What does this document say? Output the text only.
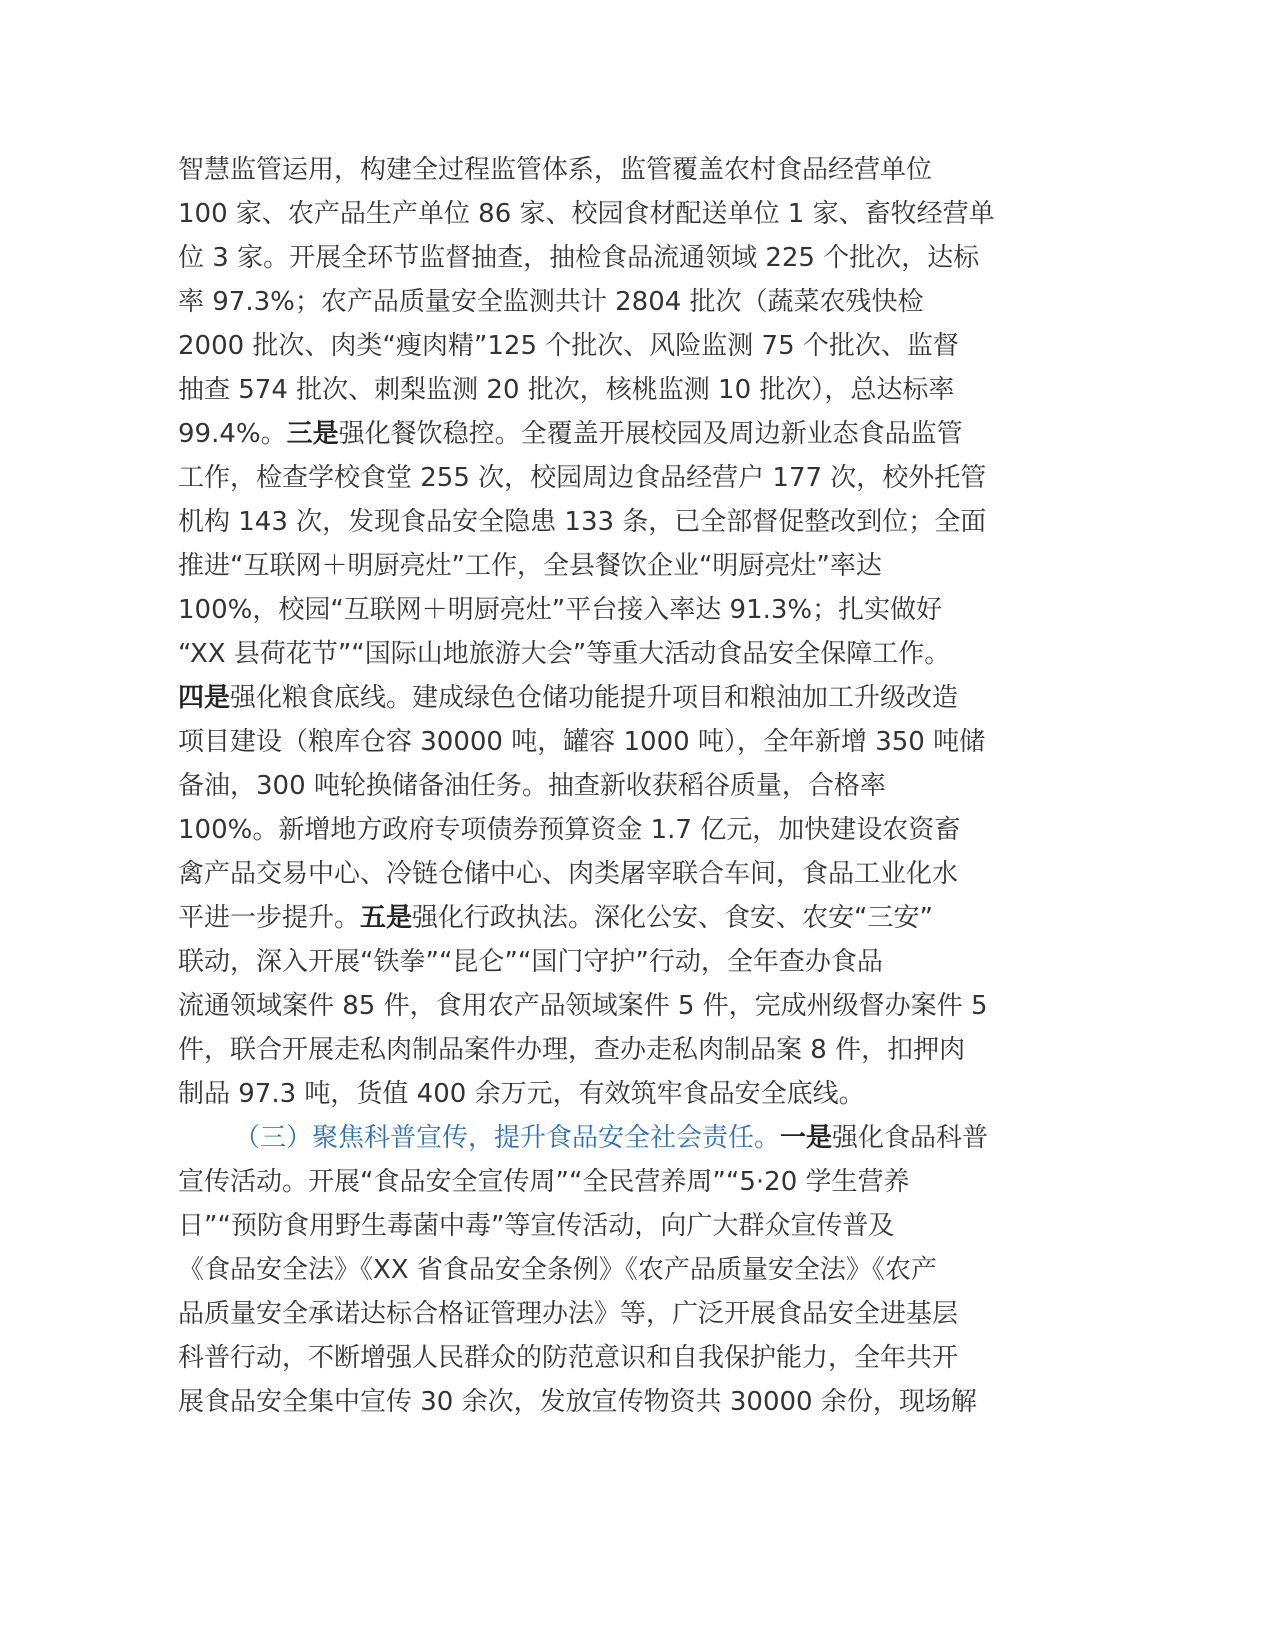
智慧监管运用，构建全过程监管体系，监管覆盖农村食品经营单位
100 家、农产品生产单位 86 家、校园食材配送单位 1 家、畜牧经营单
位 3 家。开展全环节监督抽查，抽检食品流通领域 225 个批次，达标
率 97.3%；农产品质量安全监测共计 2804 批次（蔬菜农残快检
2000 批次、肉类“瘦肉精”125 个批次、风险监测 75 个批次、监督
抽查 574 批次、刺梨监测 20 批次，核桃监测 10 批次），总达标率
99.4%。三是强化餐饮稳控。全覆盖开展校园及周边新业态食品监管
工作，检查学校食堂 255 次，校园周边食品经营户 177 次，校外托管
机构 143 次，发现食品安全隐患 133 条，已全部督促整改到位；全面
推进“互联网＋明厨亮灶”工作，全县餐饮企业“明厨亮灶”率达
100%，校园“互联网＋明厨亮灶”平台接入率达 91.3%；扎实做好
“XX 县荷花节”“国际山地旅游大会”等重大活动食品安全保障工作。
四是强化粮食底线。建成绿色仓储功能提升项目和粮油加工升级改造
项目建设（粮库仓容 30000 吨，罐容 1000 吨），全年新增 350 吨储
备油，300 吨轮换储备油任务。抽查新收获稻谷质量，合格率
100%。新增地方政府专项债券预算资金 1.7 亿元，加快建设农资畜
禽产品交易中心、冷链仓储中心、肉类屠宰联合车间，食品工业化水
平进一步提升。五是强化行政执法。深化公安、食安、农安“三安”
联动，深入开展“铁拳”“昆仑”“国门守护”行动，全年查办食品
流通领域案件 85 件，食用农产品领域案件 5 件，完成州级督办案件 5
件，联合开展走私肉制品案件办理，查办走私肉制品案 8 件，扣押肉
制品 97.3 吨，货值 400 余万元，有效筑牢食品安全底线。
（三）聚焦科普宣传，提升食品安全社会责任。一是强化食品科普
宣传活动。开展“食品安全宣传周”“全民营养周”“5·20 学生营养
日”“预防食用野生毒菌中毒”等宣传活动，向广大群众宣传普及
《食品安全法》《XX 省食品安全条例》《农产品质量安全法》《农产
品质量安全承诺达标合格证管理办法》等，广泛开展食品安全进基层
科普行动，不断增强人民群众的防范意识和自我保护能力，全年共开
展食品安全集中宣传 30 余次，发放宣传物资共 30000 余份，现场解
